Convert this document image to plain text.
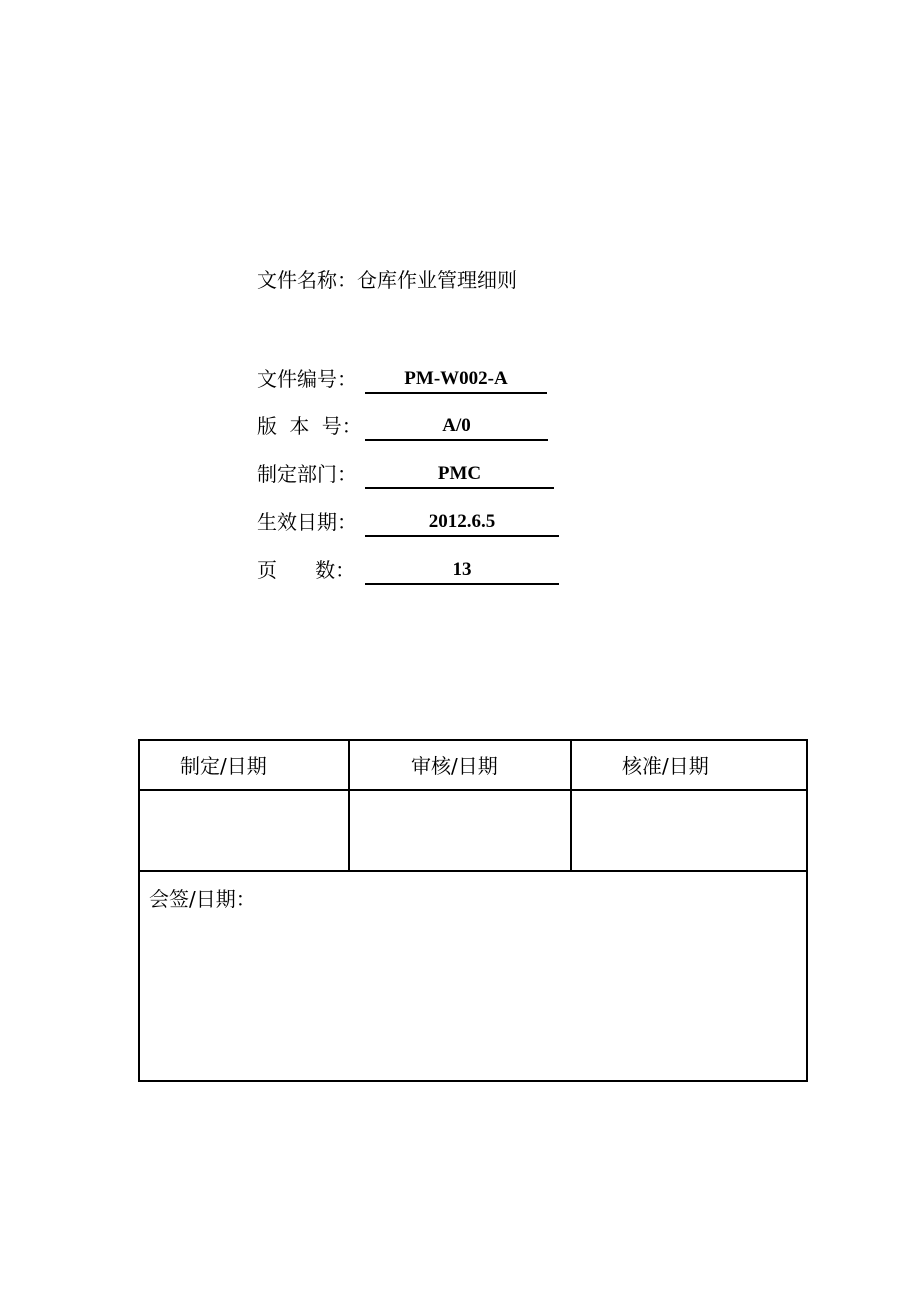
文件名称：仓库作业管理细则
文件编号：	PM-W002-A
版 本 号：	A/0
制定部门：	PMC
生效日期：	2012.6.5
页      数：	13
制定/日期	审核/日期	核准/日期
会签/日期：
